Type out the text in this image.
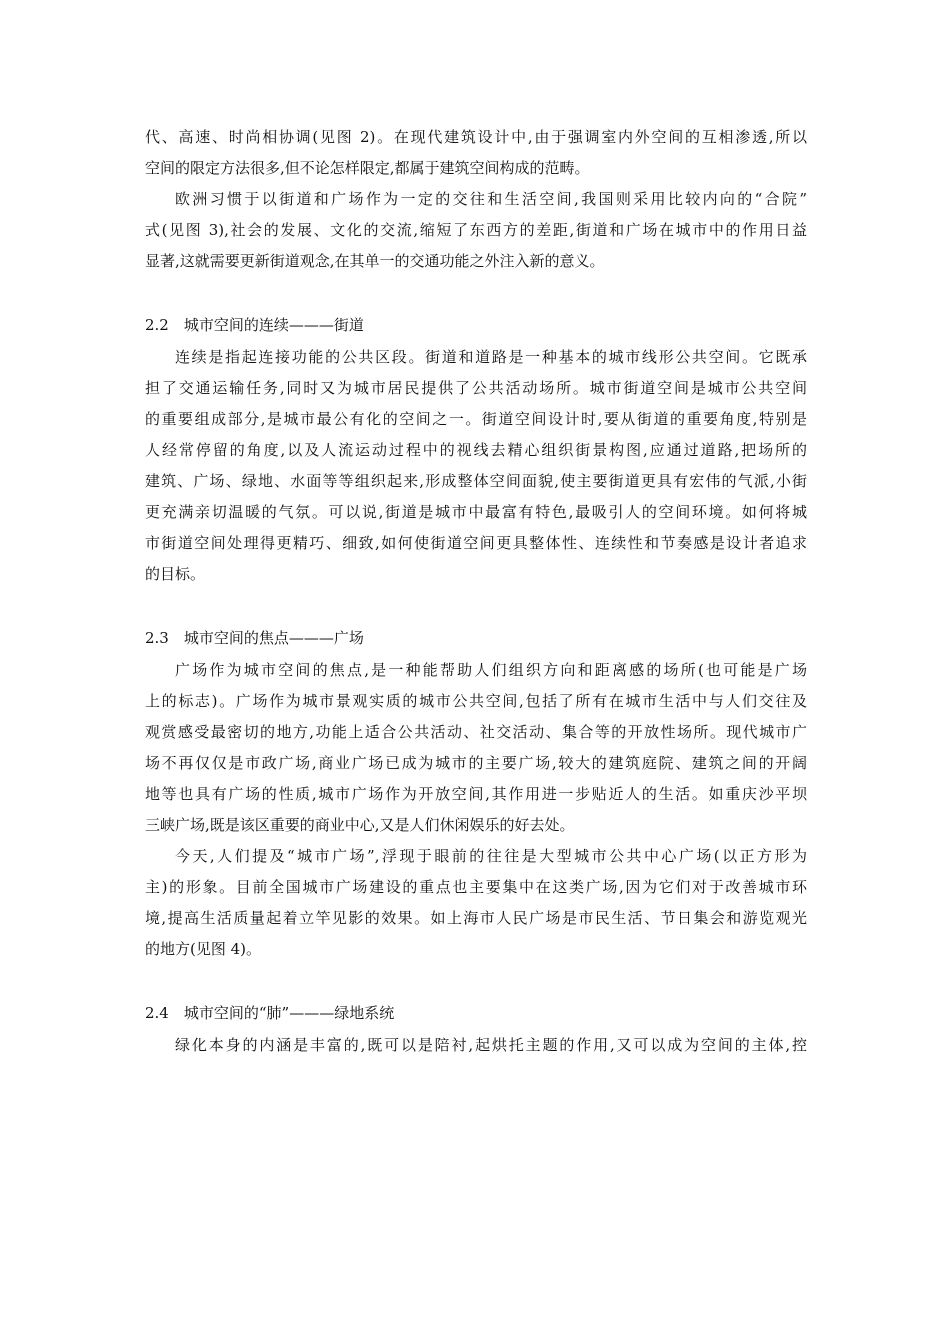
代、高速、时尚相协调(见图 2)。在现代建筑设计中,由于强调室内外空间的互相渗透,所以
空间的限定方法很多,但不论怎样限定,都属于建筑空间构成的范畴。
欧洲习惯于以街道和广场作为一定的交往和生活空间,我国则采用比较内向的“合院”
式(见图 3),社会的发展、文化的交流,缩短了东西方的差距,街道和广场在城市中的作用日益
显著,这就需要更新街道观念,在其单一的交通功能之外注入新的意义。
2.2　城市空间的连续———街道
连续是指起连接功能的公共区段。街道和道路是一种基本的城市线形公共空间。它既承
担了交通运输任务,同时又为城市居民提供了公共活动场所。城市街道空间是城市公共空间
的重要组成部分,是城市最公有化的空间之一。街道空间设计时,要从街道的重要角度,特别是
人经常停留的角度,以及人流运动过程中的视线去精心组织街景构图,应通过道路,把场所的
建筑、广场、绿地、水面等等组织起来,形成整体空间面貌,使主要街道更具有宏伟的气派,小街
更充满亲切温暖的气氛。可以说,街道是城市中最富有特色,最吸引人的空间环境。如何将城
市街道空间处理得更精巧、细致,如何使街道空间更具整体性、连续性和节奏感是设计者追求
的目标。
2.3　城市空间的焦点———广场
广场作为城市空间的焦点,是一种能帮助人们组织方向和距离感的场所(也可能是广场
上的标志)。广场作为城市景观实质的城市公共空间,包括了所有在城市生活中与人们交往及
观赏感受最密切的地方,功能上适合公共活动、社交活动、集合等的开放性场所。现代城市广
场不再仅仅是市政广场,商业广场已成为城市的主要广场,较大的建筑庭院、建筑之间的开阔
地等也具有广场的性质,城市广场作为开放空间,其作用进一步贴近人的生活。如重庆沙平坝
三峡广场,既是该区重要的商业中心,又是人们休闲娱乐的好去处。
今天,人们提及“城市广场”,浮现于眼前的往往是大型城市公共中心广场(以正方形为
主)的形象。目前全国城市广场建设的重点也主要集中在这类广场,因为它们对于改善城市环
境,提高生活质量起着立竿见影的效果。如上海市人民广场是市民生活、节日集会和游览观光
的地方(见图 4)。
2.4　城市空间的“肺”———绿地系统
绿化本身的内涵是丰富的,既可以是陪衬,起烘托主题的作用,又可以成为空间的主体,控
